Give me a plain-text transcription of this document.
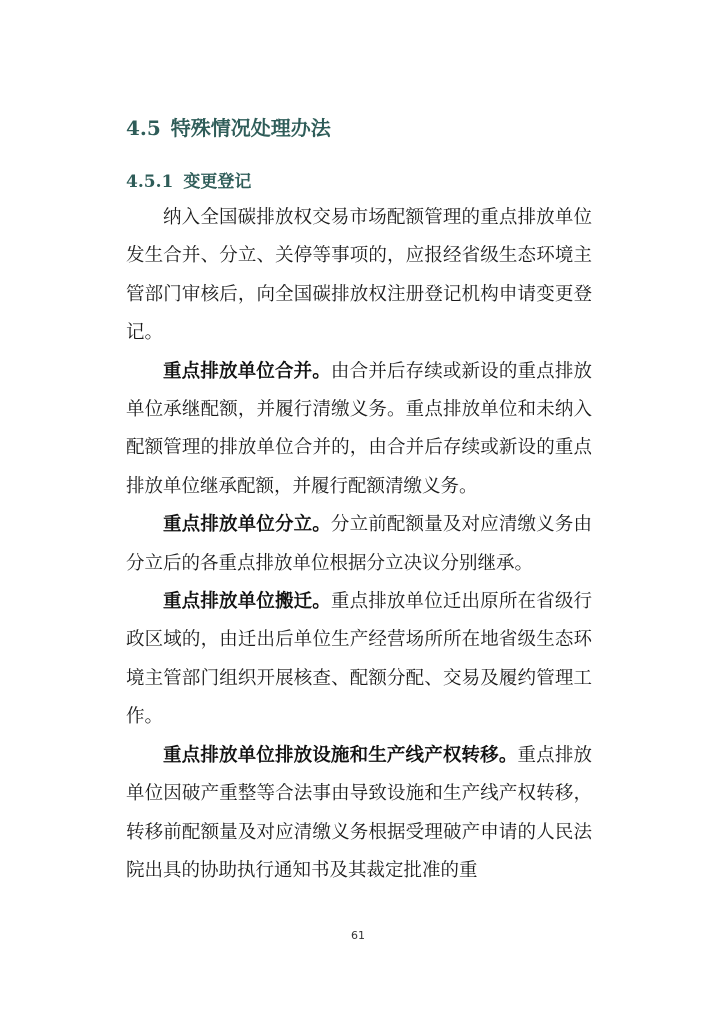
4.5 特殊情况处理办法
4.5.1 变更登记

纳入全国碳排放权交易市场配额管理的重点排放单位发生合并、分立、关停等事项的，应报经省级生态环境主管部门审核后，向全国碳排放权注册登记机构申请变更登记。

重点排放单位合并。由合并后存续或新设的重点排放单位承继配额，并履行清缴义务。重点排放单位和未纳入配额管理的排放单位合并的，由合并后存续或新设的重点排放单位继承配额，并履行配额清缴义务。

重点排放单位分立。分立前配额量及对应清缴义务由分立后的各重点排放单位根据分立决议分别继承。

重点排放单位搬迁。重点排放单位迁出原所在省级行政区域的，由迁出后单位生产经营场所所在地省级生态环境主管部门组织开展核查、配额分配、交易及履约管理工作。

重点排放单位排放设施和生产线产权转移。重点排放单位因破产重整等合法事由导致设施和生产线产权转移，转移前配额量及对应清缴义务根据受理破产申请的人民法院出具的协助执行通知书及其裁定批准的重

61
